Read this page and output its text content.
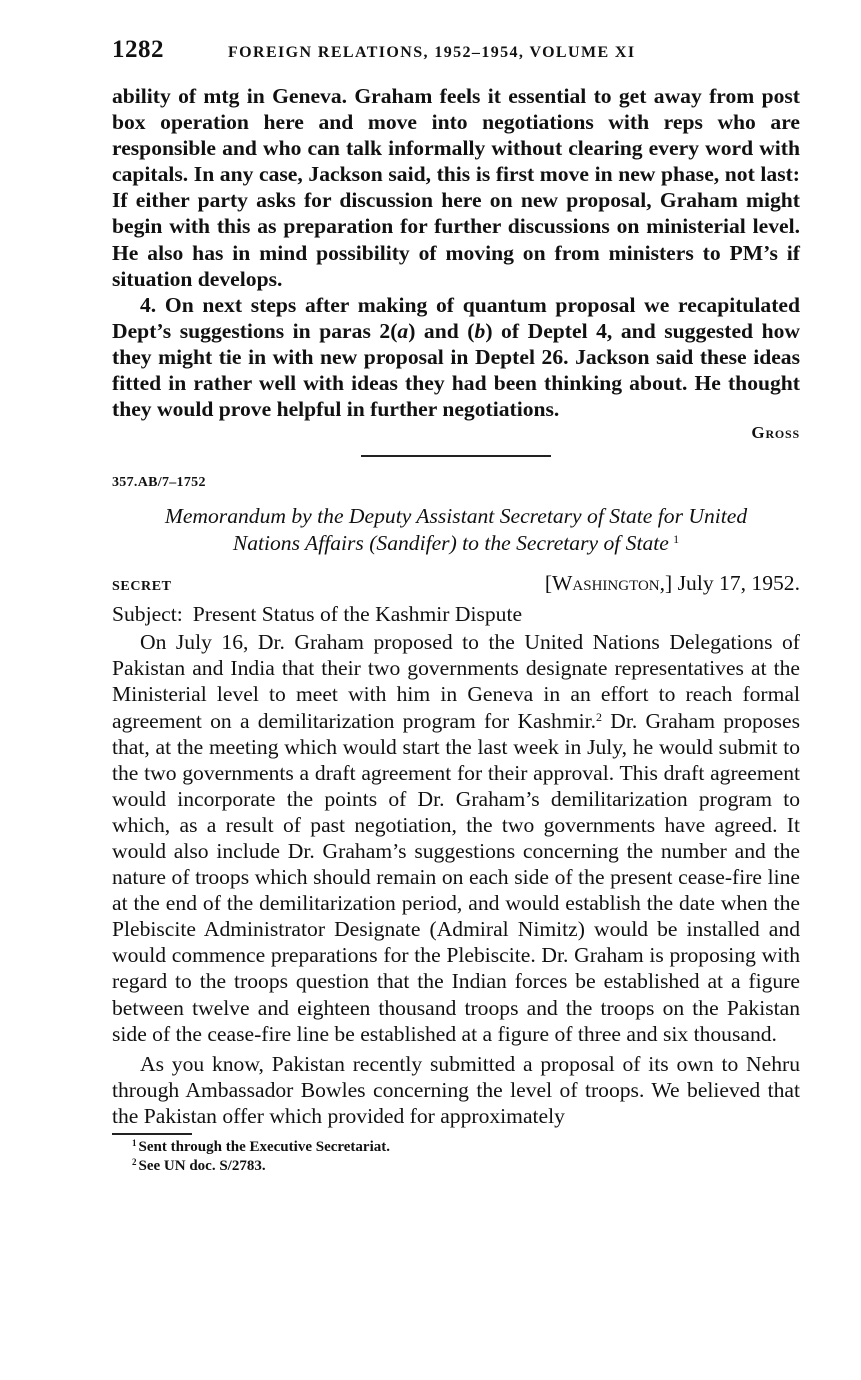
1282	FOREIGN RELATIONS, 1952–1954, VOLUME XI

ability of mtg in Geneva. Graham feels it essential to get away from post box operation here and move into negotiations with reps who are responsible and who can talk informally without clearing every word with capitals. In any case, Jackson said, this is first move in new phase, not last: If either party asks for discussion here on new proposal, Graham might begin with this as preparation for further discussions on ministerial level. He also has in mind possibility of moving on from ministers to PM’s if situation develops.

4. On next steps after making of quantum proposal we recapitulated Dept’s suggestions in paras 2(a) and (b) of Deptel 4, and suggested how they might tie in with new proposal in Deptel 26. Jackson said these ideas fitted in rather well with ideas they had been thinking about. He thought they would prove helpful in further negotiations.

Gross
357.AB/7–1752
Memorandum by the Deputy Assistant Secretary of State for United
Nations Affairs (Sandifer) to the Secretary of State  $^1$
SECRET	[Washington,] July 17, 1952.
Subject: Present Status of the Kashmir Dispute

On July 16, Dr. Graham proposed to the United Nations Delegations of Pakistan and India that their two governments designate representatives at the Ministerial level to meet with him in Geneva in an effort to reach formal agreement on a demilitarization program for Kashmir.$^2$ Dr. Graham proposes that, at the meeting which would start the last week in July, he would submit to the two governments a draft agreement for their approval. This draft agreement would incorporate the points of Dr. Graham’s demilitarization program to which, as a result of past negotiation, the two governments have agreed. It would also include Dr. Graham’s suggestions concerning the number and the nature of troops which should remain on each side of the present cease-fire line at the end of the demilitarization period, and would establish the date when the Plebiscite Administrator Designate (Admiral Nimitz) would be installed and would commence preparations for the Plebiscite. Dr. Graham is proposing with regard to the troops question that the Indian forces be established at a figure between twelve and eighteen thousand troops and the troops on the Pakistan side of the cease-fire line be established at a figure of three and six thousand.

As you know, Pakistan recently submitted a proposal of its own to Nehru through Ambassador Bowles concerning the level of troops. We believed that the Pakistan offer which provided for approximately

$^1$ Sent through the Executive Secretariat.
$^2$ See UN doc. S/2783.
